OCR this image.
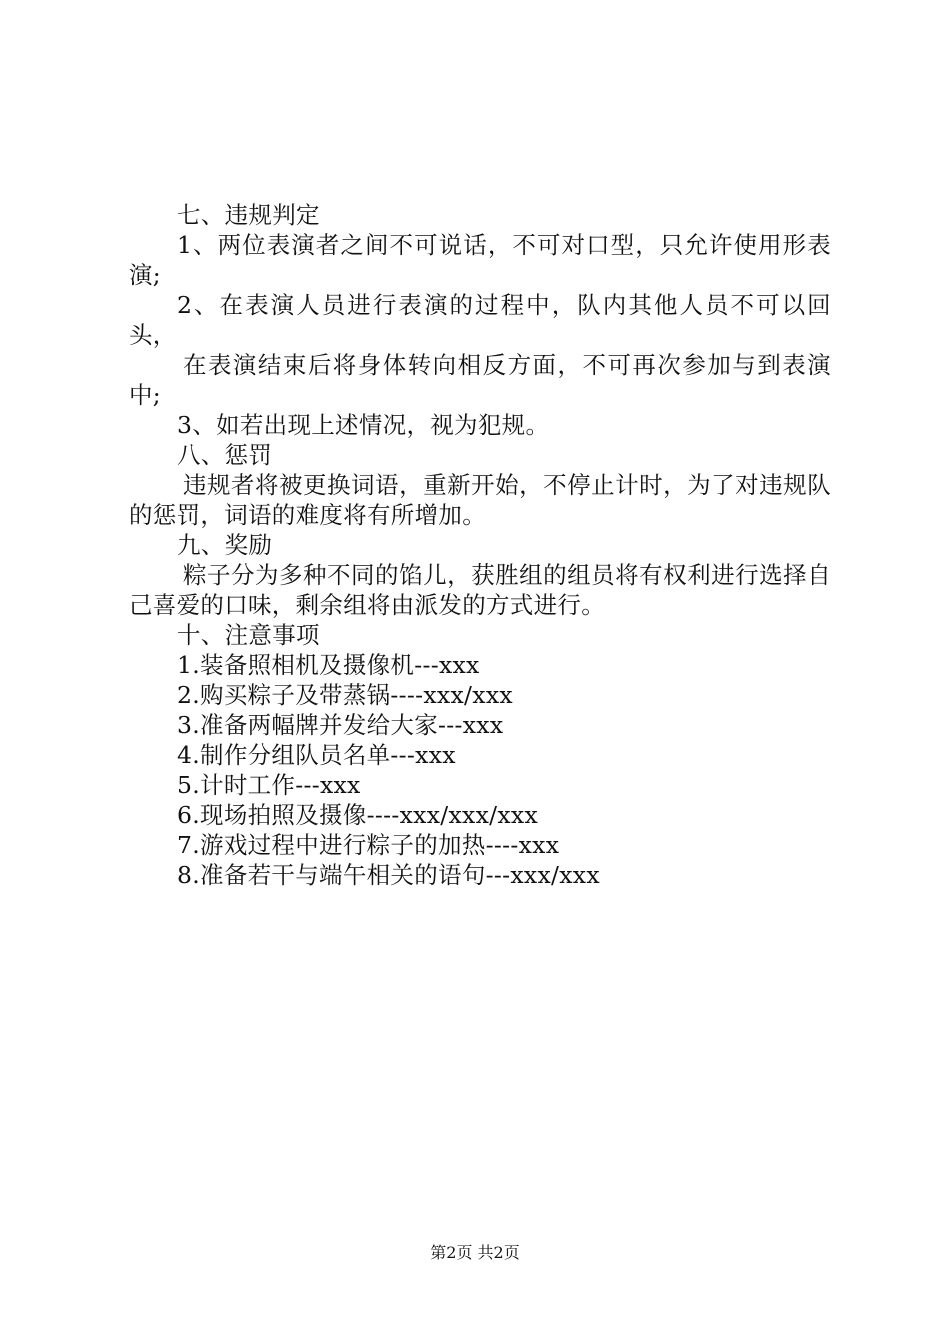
七、违规判定
1、两位表演者之间不可说话，不可对口型，只允许使用形表演;
2、在表演人员进行表演的过程中，队内其他人员不可以回头，
在表演结束后将身体转向相反方面，不可再次参加与到表演中;
3、如若出现上述情况，视为犯规。
八、惩罚
违规者将被更换词语，重新开始，不停止计时，为了对违规队的惩罚，词语的难度将有所增加。
九、奖励
粽子分为多种不同的馅儿，获胜组的组员将有权利进行选择自己喜爱的口味，剩余组将由派发的方式进行。
十、注意事项
1.装备照相机及摄像机---xxx
2.购买粽子及带蒸锅----xxx/xxx
3.准备两幅牌并发给大家---xxx
4.制作分组队员名单---xxx
5.计时工作---xxx
6.现场拍照及摄像----xxx/xxx/xxx
7.游戏过程中进行粽子的加热----xxx
8.准备若干与端午相关的语句---xxx/xxx
第2页 共2页
